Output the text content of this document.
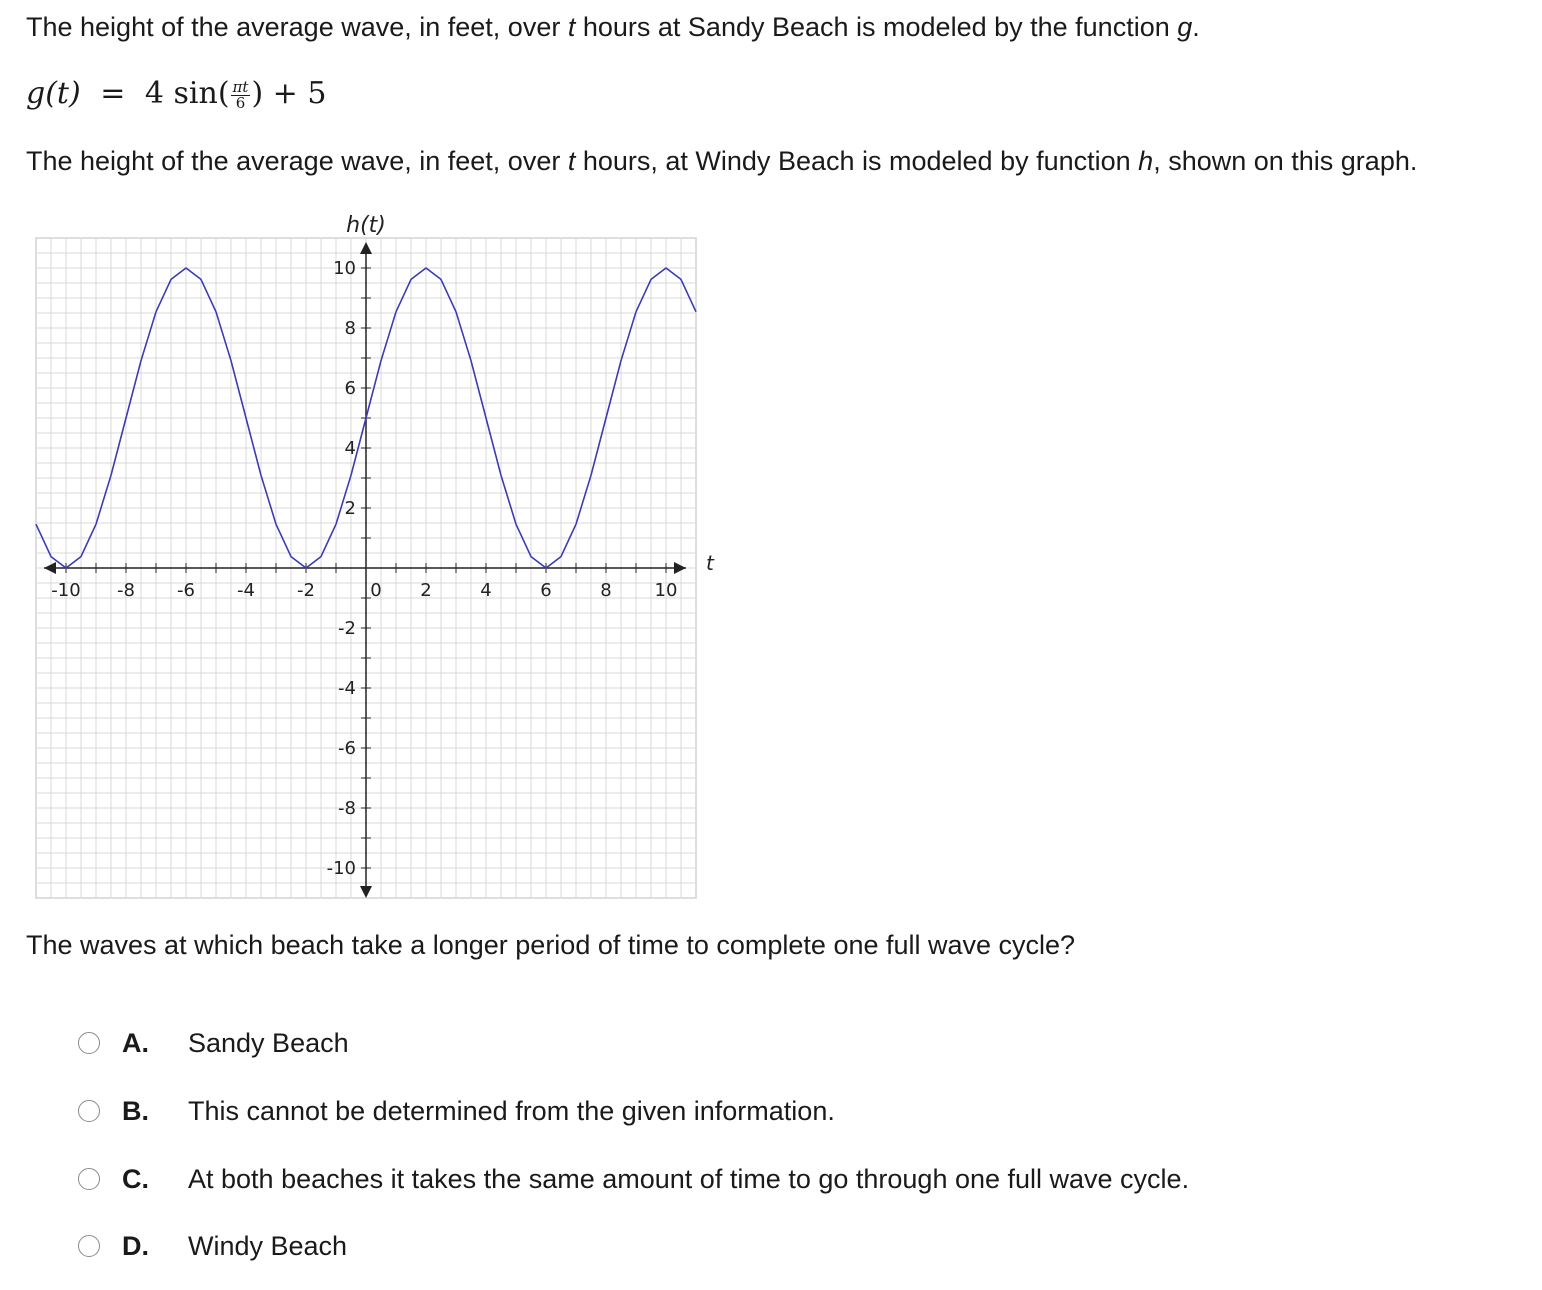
The height of the average wave, in feet, over t hours at Sandy Beach is modeled by the function g.
g(t) = 4 $\sin( \frac{\pi t}{6}$ ) + 5
The height of the average wave, in feet, over t hours, at Windy Beach is modeled by function h, shown on this graph.
-10 -8 -6 -4 -2	0 2	4	6	8 10
10
8
6
4
2
-2
-4
-6
-8
-10
h(t)
t
The waves at which beach take a longer period of time to complete one full wave cycle?
A. Sandy Beach
B. This cannot be determined from the given information.
C. At both beaches it takes the same amount of time to go through one full wave cycle.
D. Windy Beach
